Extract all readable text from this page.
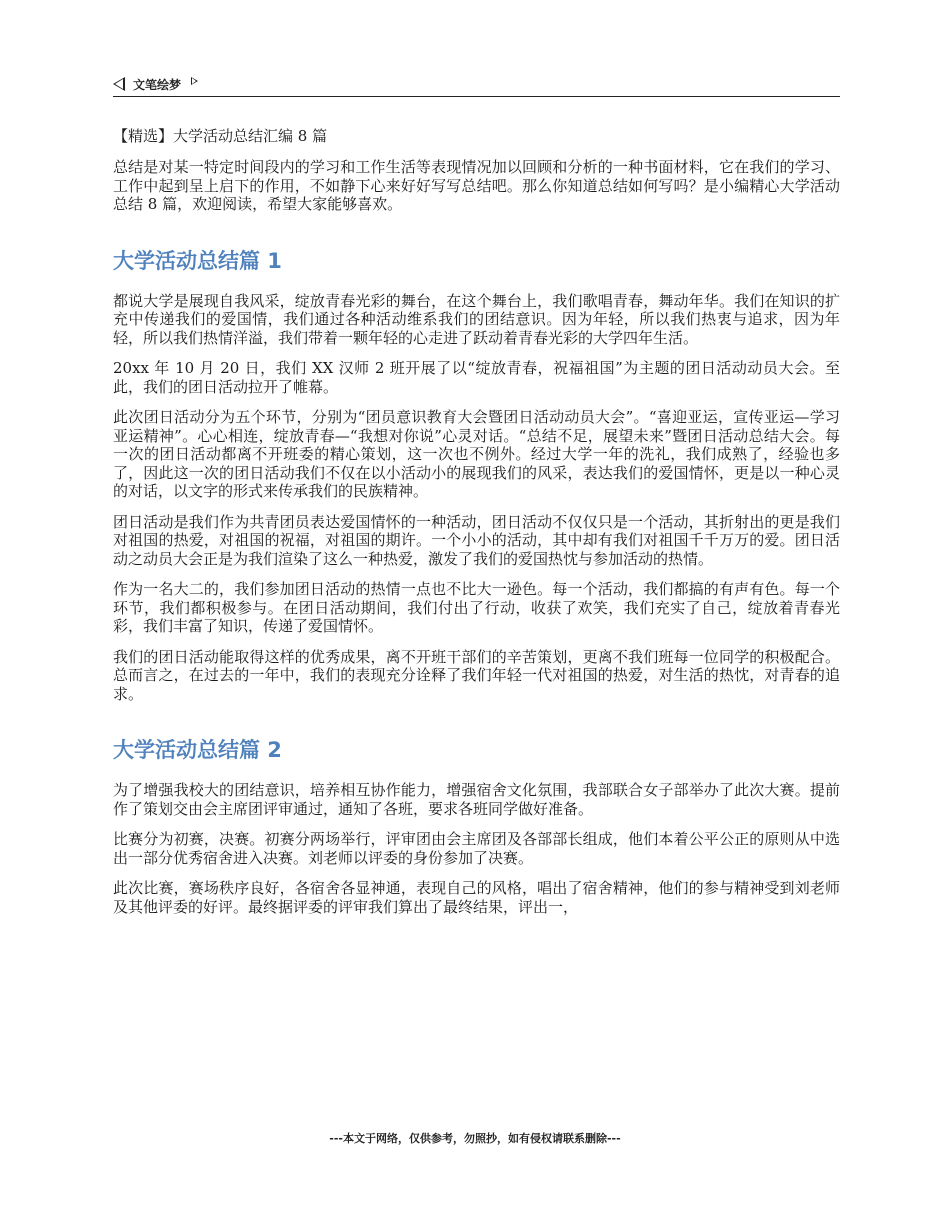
文笔绘梦
【精选】大学活动总结汇编 8 篇

总结是对某一特定时间段内的学习和工作生活等表现情况加以回顾和分析的一种书面材料，它在我们的学习、工作中起到呈上启下的作用，不如静下心来好好写写总结吧。那么你知道总结如何写吗？是小编精心大学活动总结 8 篇，欢迎阅读，希望大家能够喜欢。

大学活动总结篇 1

都说大学是展现自我风采，绽放青春光彩的舞台，在这个舞台上，我们歌唱青春，舞动年华。我们在知识的扩充中传递我们的爱国情，我们通过各种活动维系我们的团结意识。因为年轻，所以我们热衷与追求，因为年轻，所以我们热情洋溢，我们带着一颗年轻的心走进了跃动着青春光彩的大学四年生活。

20xx 年 10 月 20 日，我们 XX 汉师 2 班开展了以“绽放青春，祝福祖国”为主题的团日活动动员大会。至此，我们的团日活动拉开了帷幕。

此次团日活动分为五个环节，分别为“团员意识教育大会暨团日活动动员大会”。“喜迎亚运，宣传亚运—学习亚运精神”。心心相连，绽放青春—“我想对你说”心灵对话。“总结不足，展望未来”暨团日活动总结大会。每一次的团日活动都离不开班委的精心策划，这一次也不例外。经过大学一年的洗礼，我们成熟了，经验也多了，因此这一次的团日活动我们不仅在以小活动小的展现我们的风采，表达我们的爱国情怀，更是以一种心灵的对话，以文字的形式来传承我们的民族精神。

团日活动是我们作为共青团员表达爱国情怀的一种活动，团日活动不仅仅只是一个活动，其折射出的更是我们对祖国的热爱，对祖国的祝福，对祖国的期许。一个小小的活动，其中却有我们对祖国千千万万的爱。团日活动之动员大会正是为我们渲染了这么一种热爱，激发了我们的爱国热忱与参加活动的热情。

作为一名大二的，我们参加团日活动的热情一点也不比大一逊色。每一个活动，我们都搞的有声有色。每一个环节，我们都积极参与。在团日活动期间，我们付出了行动，收获了欢笑，我们充实了自己，绽放着青春光彩，我们丰富了知识，传递了爱国情怀。

我们的团日活动能取得这样的优秀成果，离不开班干部们的辛苦策划，更离不我们班每一位同学的积极配合。总而言之，在过去的一年中，我们的表现充分诠释了我们年轻一代对祖国的热爱，对生活的热忱，对青春的追求。

大学活动总结篇 2

为了增强我校大的团结意识，培养相互协作能力，增强宿舍文化氛围，我部联合女子部举办了此次大赛。提前作了策划交由会主席团评审通过，通知了各班，要求各班同学做好准备。

比赛分为初赛，决赛。初赛分两场举行，评审团由会主席团及各部部长组成，他们本着公平公正的原则从中选出一部分优秀宿舍进入决赛。刘老师以评委的身份参加了决赛。

此次比赛，赛场秩序良好，各宿舍各显神通，表现自己的风格，唱出了宿舍精神，他们的参与精神受到刘老师及其他评委的好评。最终据评委的评审我们算出了最终结果，评出一，

---本文于网络，仅供参考，勿照抄，如有侵权请联系删除---
